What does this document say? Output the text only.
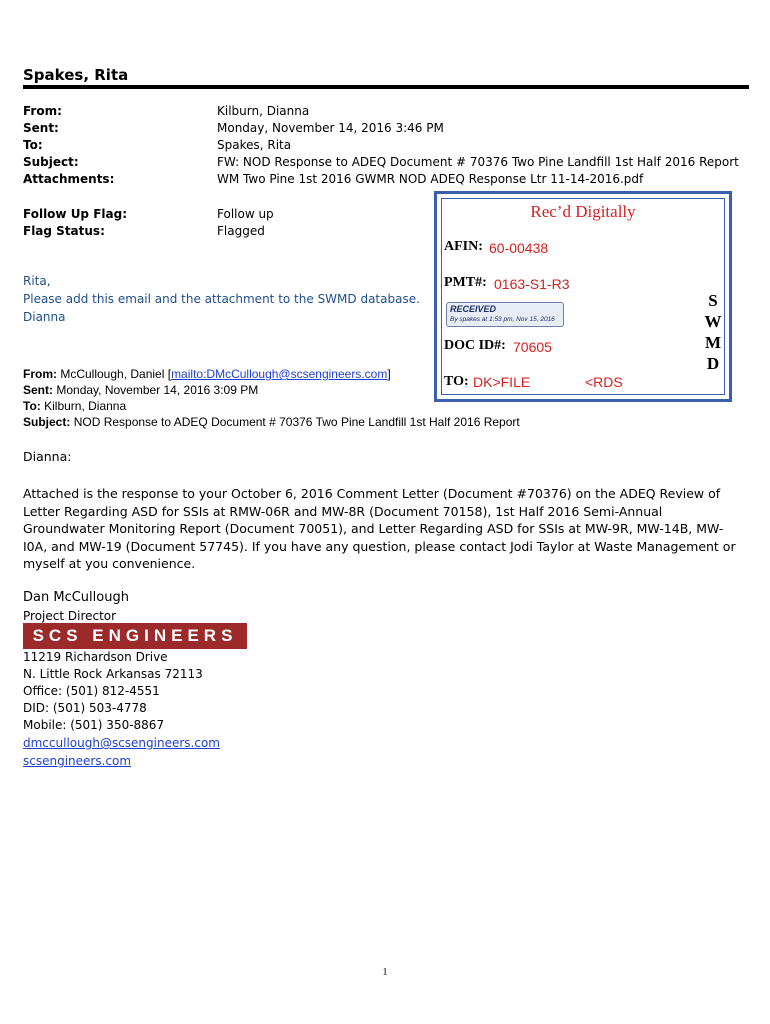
Spakes, Rita
From:	Kilburn, Dianna
Sent:	Monday, November 14, 2016 3:46 PM
To:	Spakes, Rita
Subject:	FW: NOD Response to ADEQ Document # 70376 Two Pine Landfill 1st Half 2016 Report
Attachments:	WM Two Pine 1st 2016 GWMR NOD ADEQ Response Ltr 11-14-2016.pdf
Follow Up Flag:	Follow up
Flag Status:	Flagged
Rita,
Please add this email and the attachment to the SWMD database.
Dianna
From: McCullough, Daniel [mailto:DMcCullough@scsengineers.com]
Sent: Monday, November 14, 2016 3:09 PM
To: Kilburn, Dianna
Subject: NOD Response to ADEQ Document # 70376 Two Pine Landfill 1st Half 2016 Report
Dianna:
Attached is the response to your October 6, 2016 Comment Letter (Document #70376) on the ADEQ Review of Letter Regarding ASD for SSIs at RMW-06R and MW-8R (Document 70158), 1st Half 2016 Semi-Annual Groundwater Monitoring Report (Document 70051), and Letter Regarding ASD for SSIs at MW-9R, MW-14B, MW-I0A, and MW-19 (Document 57745). If you have any question, please contact Jodi Taylor at Waste Management or myself at you convenience.
Dan McCullough
Project Director
SCS ENGINEERS
11219 Richardson Drive
N. Little Rock Arkansas 72113
Office: (501) 812-4551
DID: (501) 503-4778
Mobile: (501) 350-8867
dmccullough@scsengineers.com
scsengineers.com
Rec’d Digitally
AFIN: 60-00438
PMT#: 0163-S1-R3
RECEIVED
By spakes at 1:53 pm, Nov 15, 2016
DOC ID#: 70605
TO: DK>FILE	<RDS
S
W
M
D
1
